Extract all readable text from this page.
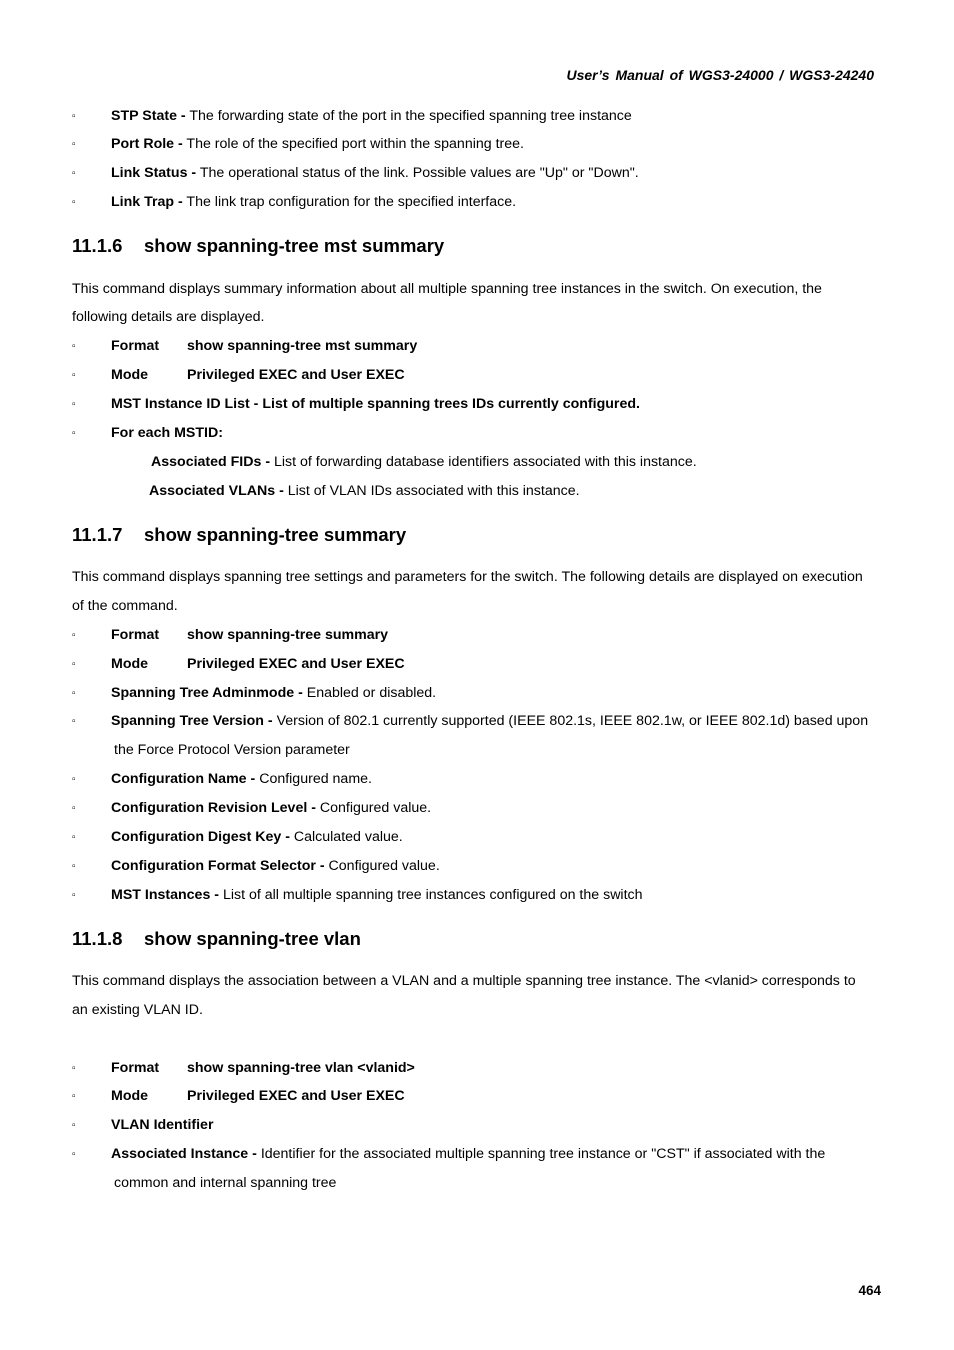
User’s Manual of WGS3-24000 / WGS3-24240
▫ STP State - The forwarding state of the port in the specified spanning tree instance
▫ Port Role - The role of the specified port within the spanning tree.
▫ Link Status - The operational status of the link. Possible values are "Up" or "Down".
▫ Link Trap - The link trap configuration for the specified interface.
11.1.6 show spanning-tree mst summary
This command displays summary information about all multiple spanning tree instances in the switch. On execution, the
following details are displayed.
▫ Format show spanning-tree mst summary
▫ Mode	Privileged EXEC and User EXEC
▫ MST Instance ID List - List of multiple spanning trees IDs currently configured.
▫ For each MSTID:
Associated FIDs - List of forwarding database identifiers associated with this instance.
Associated VLANs - List of VLAN IDs associated with this instance.
11.1.7 show spanning-tree summary
This command displays spanning tree settings and parameters for the switch. The following details are displayed on execution
of the command.
▫ Format show spanning-tree summary
▫ Mode	Privileged EXEC and User EXEC
▫ Spanning Tree Adminmode - Enabled or disabled.
▫ Spanning Tree Version - Version of 802.1 currently supported (IEEE 802.1s, IEEE 802.1w, or IEEE 802.1d) based upon
the Force Protocol Version parameter
▫ Configuration Name - Configured name.
▫ Configuration Revision Level - Configured value.
▫ Configuration Digest Key - Calculated value.
▫ Configuration Format Selector - Configured value.
▫ MST Instances - List of all multiple spanning tree instances configured on the switch
11.1.8 show spanning-tree vlan
This command displays the association between a VLAN and a multiple spanning tree instance. The <vlanid> corresponds to
an existing VLAN ID.
▫ Format show spanning-tree vlan <vlanid>
▫ Mode	Privileged EXEC and User EXEC
▫ VLAN Identifier
▫ Associated Instance - Identifier for the associated multiple spanning tree instance or "CST" if associated with the
common and internal spanning tree
464
